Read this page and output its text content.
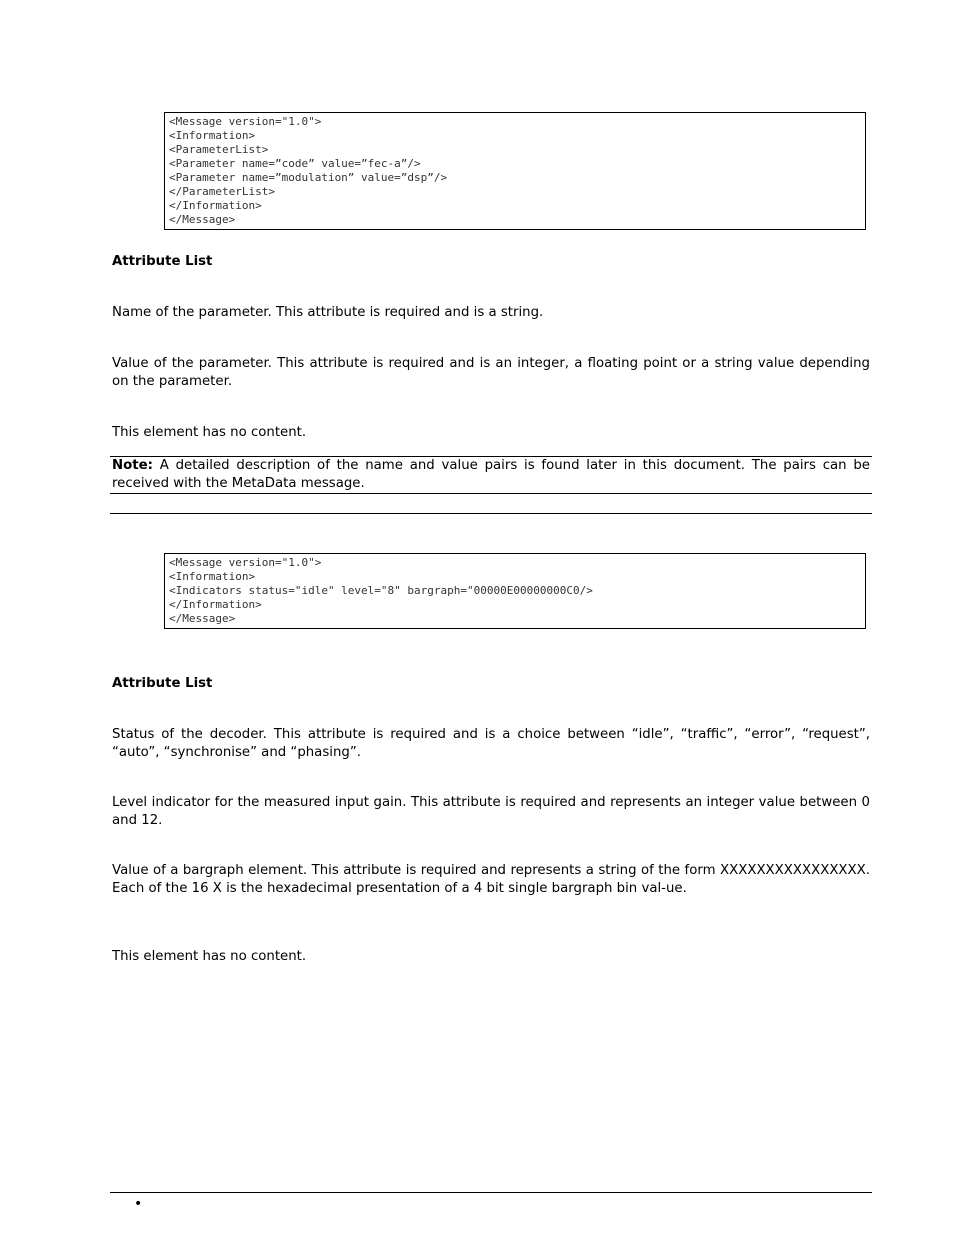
<Message version="1.0">
<Information>
<ParameterList>
<Parameter name=”code” value=”fec-a”/>
<Parameter name=”modulation” value=”dsp”/>
</ParameterList>
</Information>
</Message>

Attribute List

Name of the parameter. This attribute is required and is a string.

Value of the parameter. This attribute is required and is an integer, a floating point or a string value depending on the parameter.

This element has no content.

Note: A detailed description of the name and value pairs is found later in this document. The pairs can be received with the MetaData message.

<Message version="1.0">
<Information>
<Indicators status="idle" level="8" bargraph="00000E00000000C0/>
</Information>
</Message>

Attribute List

Status of the decoder. This attribute is required and is a choice between “idle”, “traffic”, “error”, “request”, “auto”, “synchronise” and “phasing”.

Level indicator for the measured input gain. This attribute is required and represents an integer value between 0 and 12.

Value of a bargraph element. This attribute is required and represents a string of the form XXXXXXXXXXXXXXXX. Each of the 16 X is the hexadecimal presentation of a 4 bit single bargraph bin val-ue.

This element has no content.

•
